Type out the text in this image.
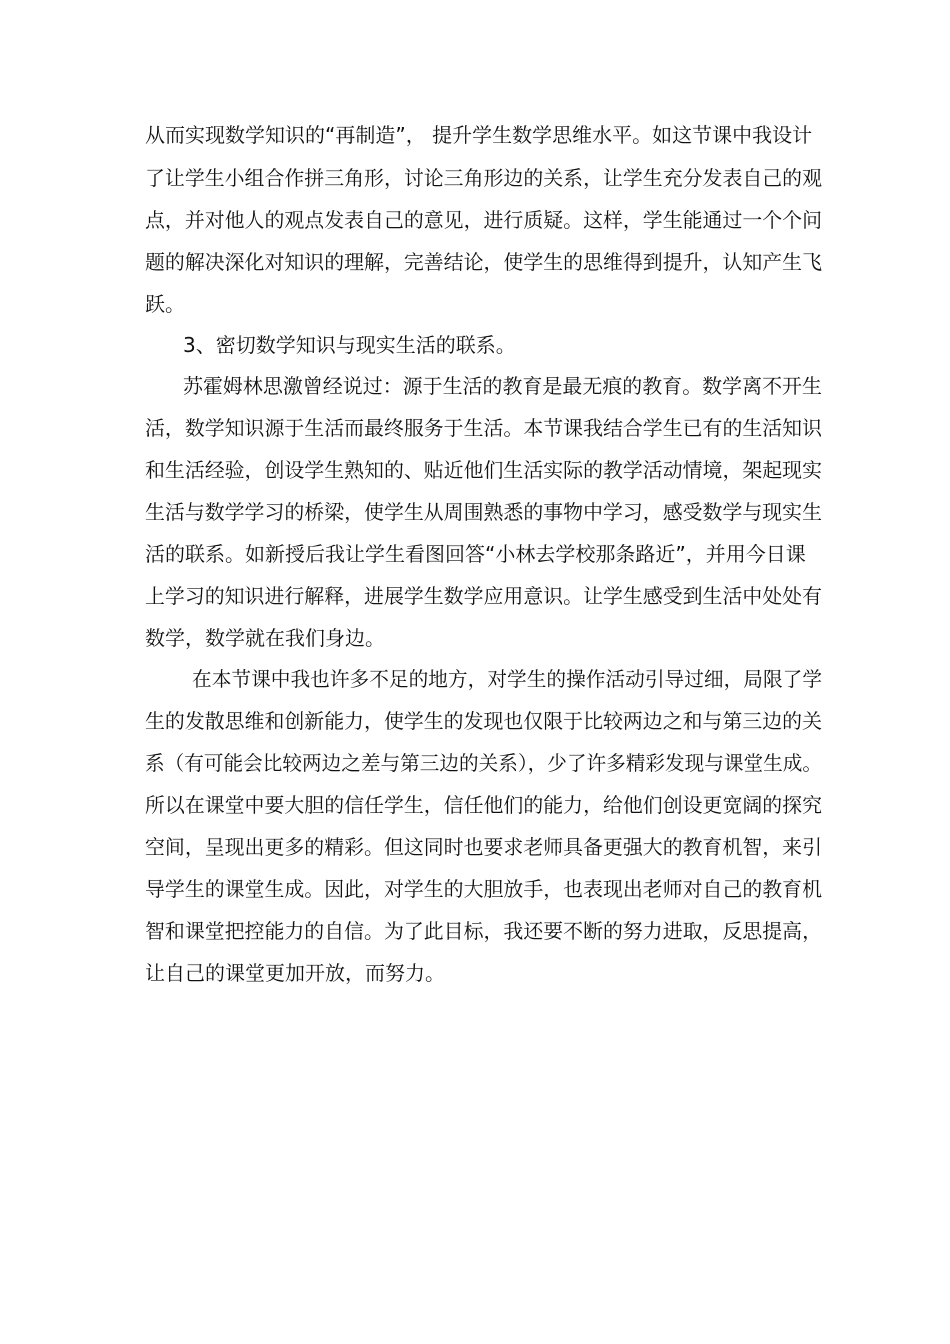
从而实现数学知识的“再制造”， 提升学生数学思维水平。如这节课中我设计
了让学生小组合作拼三角形，讨论三角形边的关系，让学生充分发表自己的观
点，并对他人的观点发表自己的意见，进行质疑。这样，学生能通过一个个问
题的解决深化对知识的理解，完善结论，使学生的思维得到提升，认知产生飞
跃。
3、密切数学知识与现实生活的联系。
苏霍姆林思激曾经说过：源于生活的教育是最无痕的教育。数学离不开生
活，数学知识源于生活而最终服务于生活。本节课我结合学生已有的生活知识
和生活经验，创设学生熟知的、贴近他们生活实际的教学活动情境，架起现实
生活与数学学习的桥梁，使学生从周围熟悉的事物中学习，感受数学与现实生
活的联系。如新授后我让学生看图回答“小林去学校那条路近”，并用今日课
上学习的知识进行解释，进展学生数学应用意识。让学生感受到生活中处处有
数学，数学就在我们身边。
在本节课中我也许多不足的地方，对学生的操作活动引导过细，局限了学
生的发散思维和创新能力，使学生的发现也仅限于比较两边之和与第三边的关
系（有可能会比较两边之差与第三边的关系），少了许多精彩发现与课堂生成。
所以在课堂中要大胆的信任学生，信任他们的能力，给他们创设更宽阔的探究
空间，呈现出更多的精彩。但这同时也要求老师具备更强大的教育机智，来引
导学生的课堂生成。因此，对学生的大胆放手，也表现出老师对自己的教育机
智和课堂把控能力的自信。为了此目标，我还要不断的努力进取，反思提高，
让自己的课堂更加开放，而努力。
